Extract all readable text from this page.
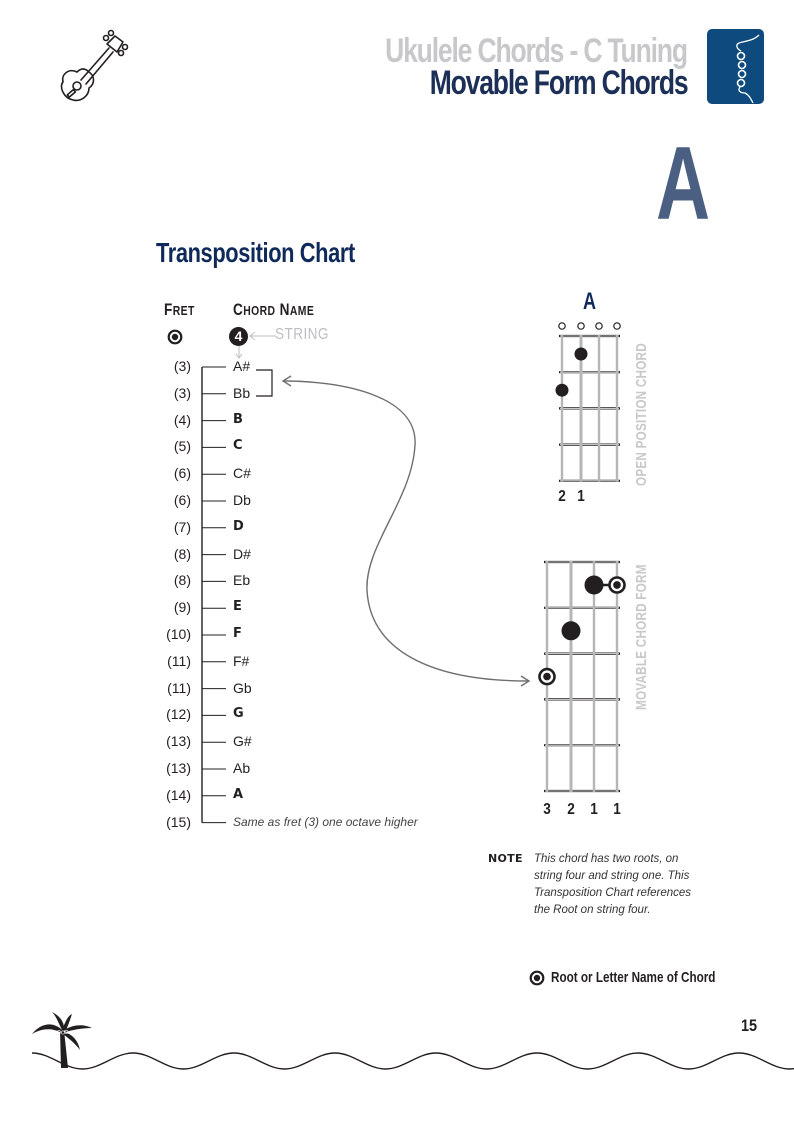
Ukulele Chords - C Tuning
Movable Form Chords
A
Transposition Chart
FRET CHORD NAME
4	STRING
(3)	A#
(3)	Bb
(4)	B
(5)	C
(6)	C#
(6)	Db
(7)	D
(8)	D#
(8)	Eb
(9)	E
(10)	F
(11)	F#
(11)	Gb
(12)	G
(13)	G#
(13)	Ab
(14)	A
(15)	Same as fret (3) one octave higher
A
OPEN POSITION CHORD
MOVABLE CHORD FORM
2 1
3 2 1 1
NOTE This chord has two roots, on string four and string one. This Transposition Chart references the Root on string four.
Root or Letter Name of Chord
15
